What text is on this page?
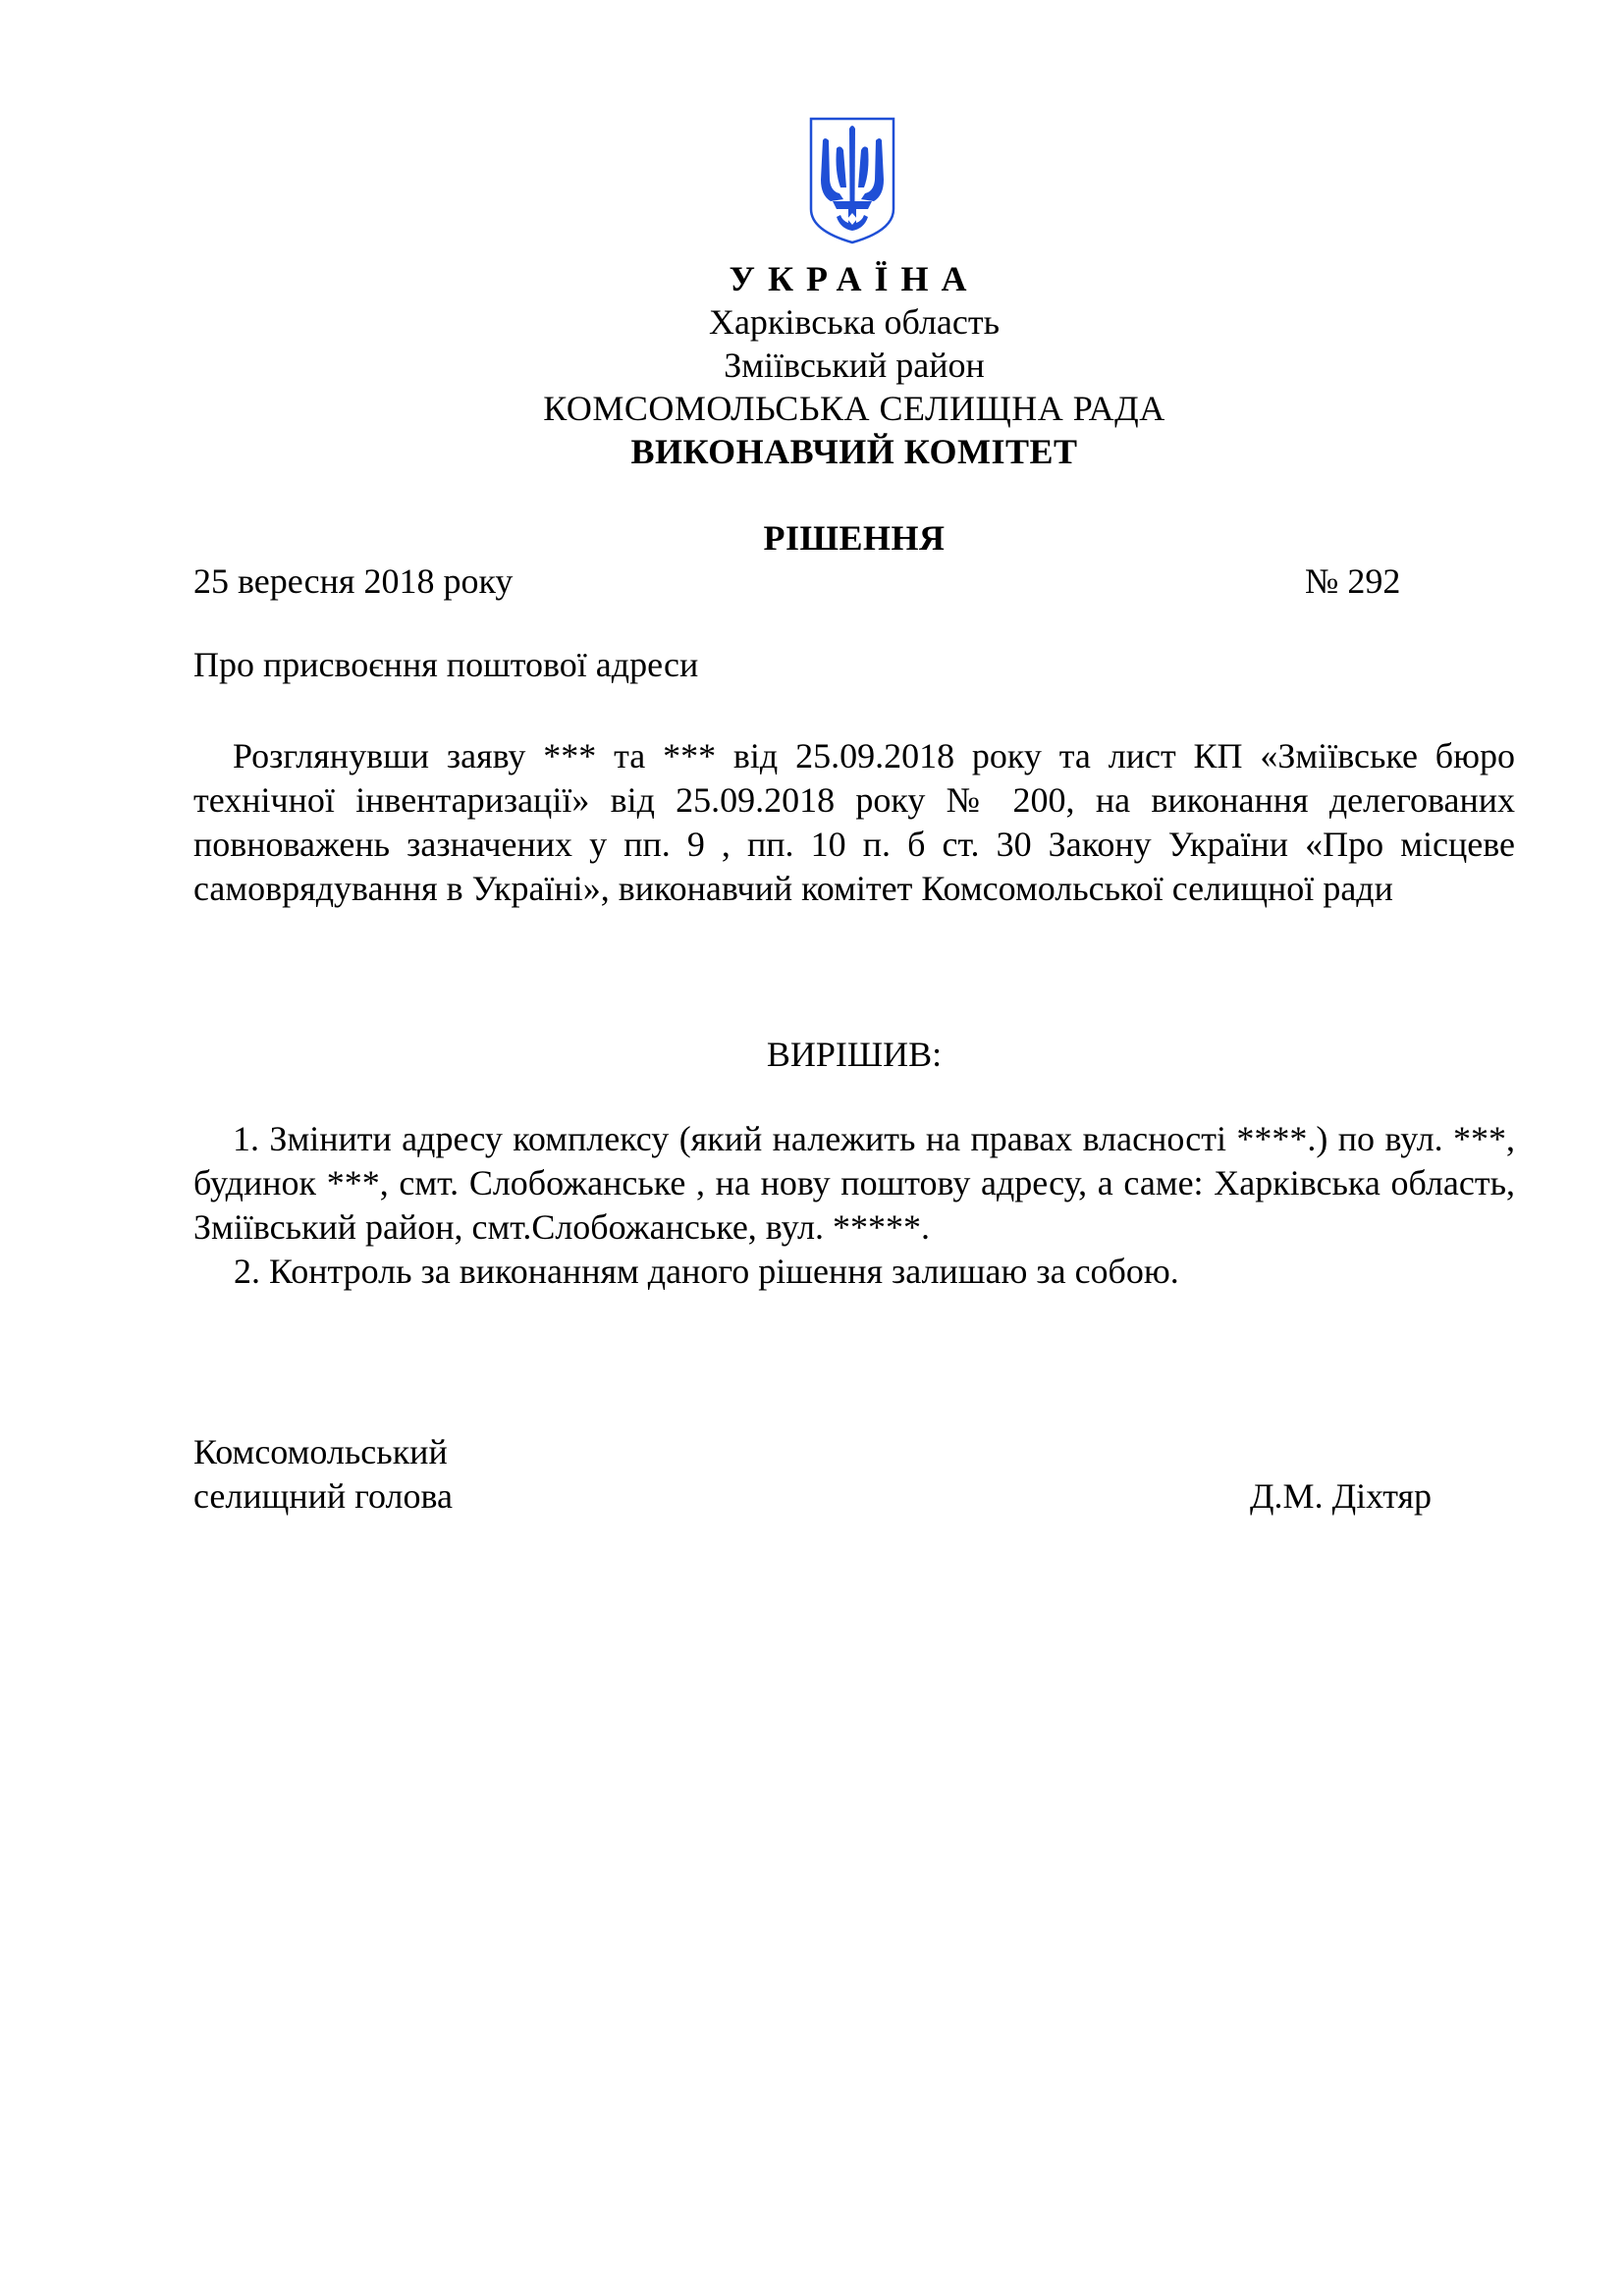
УКРАЇНА
Харківська область
Зміївський район
КОМСОМОЛЬСЬКА СЕЛИЩНА РАДА
ВИКОНАВЧИЙ КОМІТЕТ
РІШЕННЯ
25 вересня 2018 року	№ 292
Про присвоєння поштової адреси
Розглянувши заяву *** та *** від 25.09.2018 року та лист КП «Зміївське бюро технічної інвентаризації» від 25.09.2018 року № 200, на виконання делегованих повноважень зазначених у пп. 9 , пп. 10 п. б ст. 30 Закону України «Про місцеве самоврядування в Україні», виконавчий комітет Комсомольської селищної ради
ВИРІШИВ:
1. Змінити адресу комплексу (який належить на правах власності ****.) по вул. ***, будинок ***, смт. Слобожанське , на нову поштову адресу, а саме: Харківська область, Зміївський район, смт.Слобожанське, вул. *****.
2. Контроль за виконанням даного рішення залишаю за собою.
Комсомольський
селищний голова	Д.М. Діхтяр
